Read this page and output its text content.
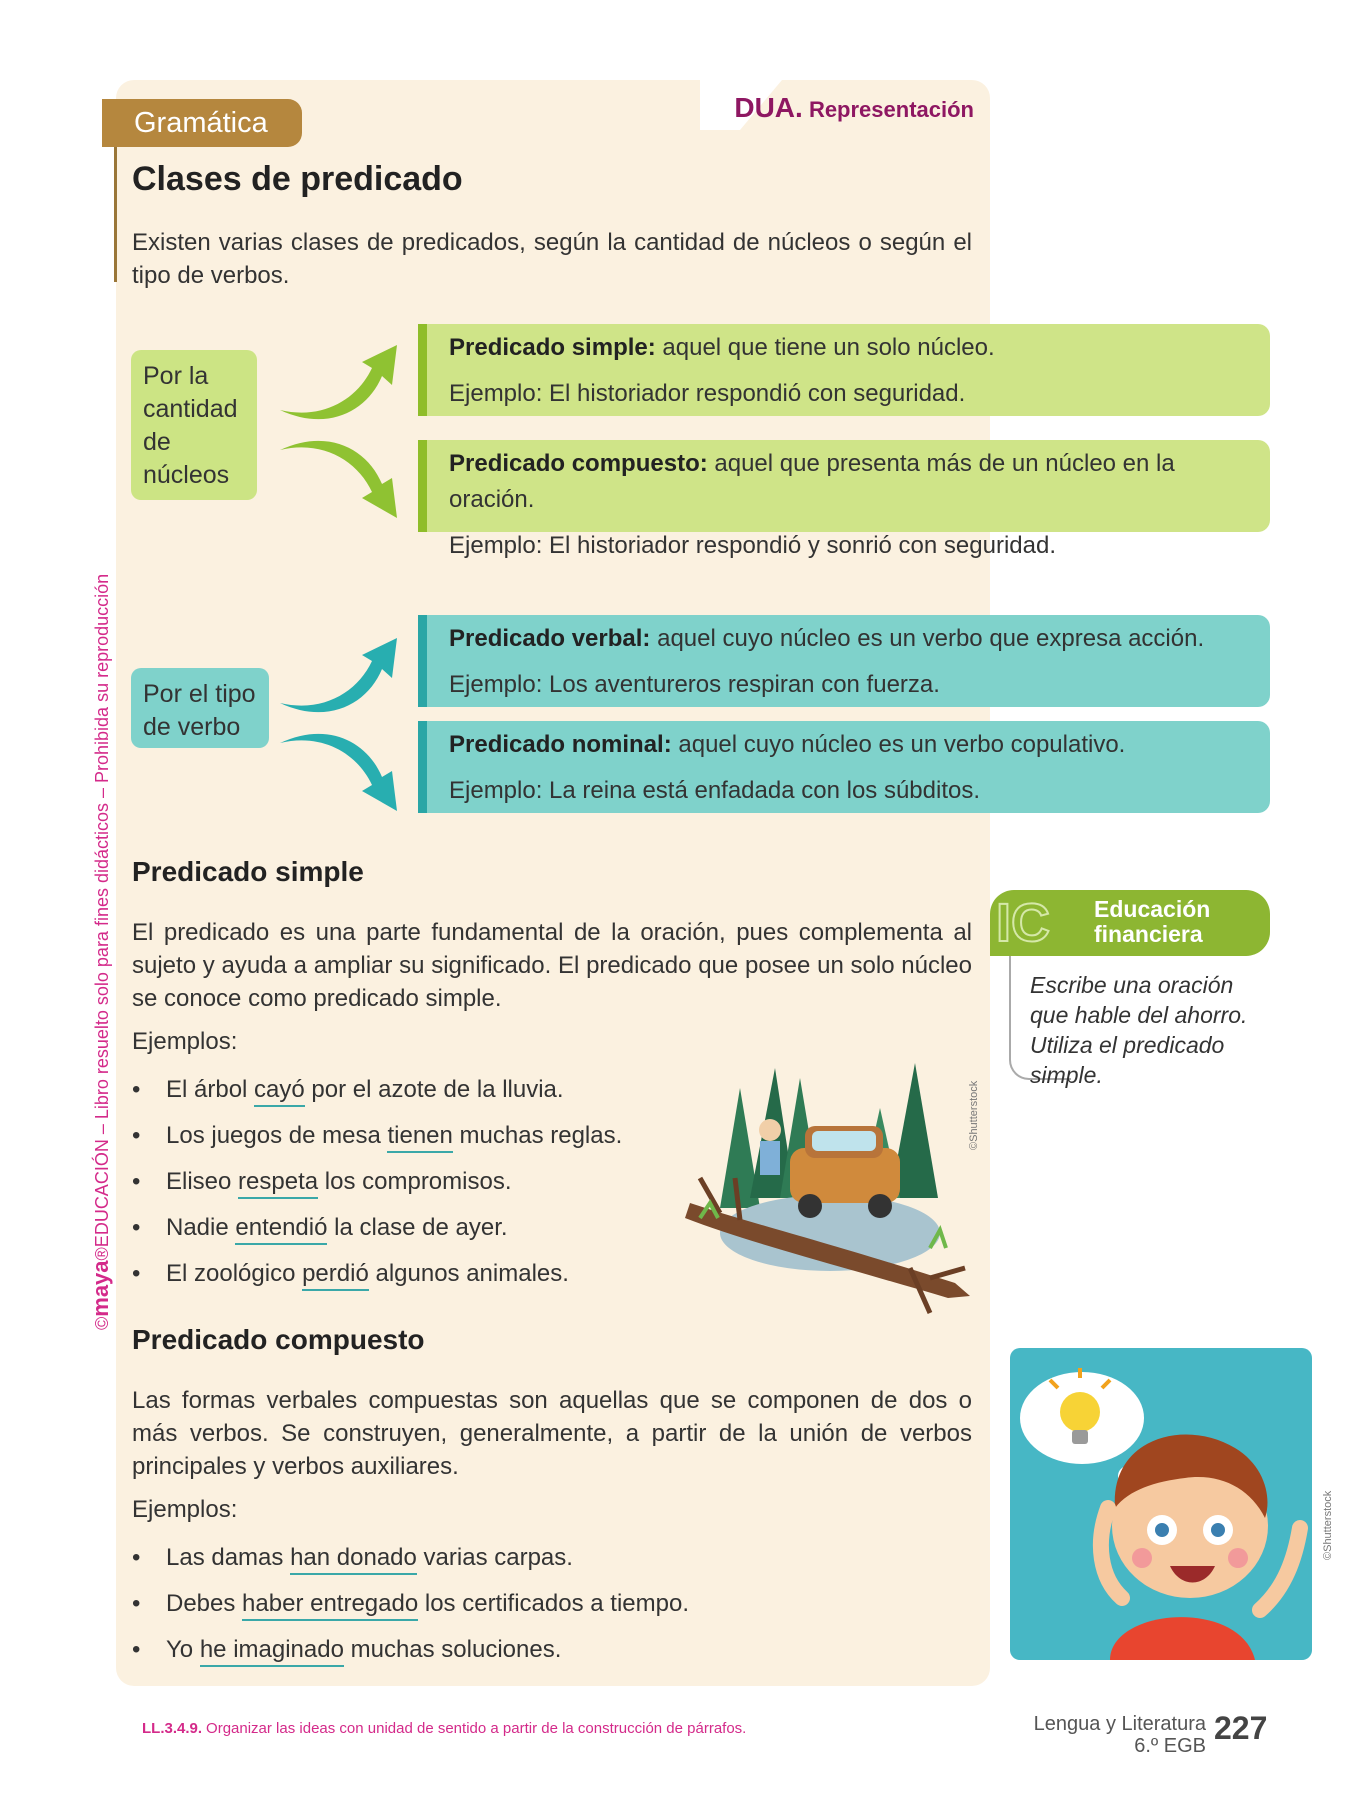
DUA. Representación
Gramática
Clases de predicado

Existen varias clases de predicados, según la cantidad de núcleos o según el tipo de verbos.

Por la cantidad de núcleos
Por el tipo de verbo
Predicado simple: aquel que tiene un solo núcleo.
Ejemplo: El historiador respondió con seguridad.
Predicado compuesto: aquel que presenta más de un núcleo en la oración.
Ejemplo: El historiador respondió y sonrió con seguridad.
Predicado verbal: aquel cuyo núcleo es un verbo que expresa acción.
Ejemplo: Los aventureros respiran con fuerza.
Predicado nominal: aquel cuyo núcleo es un verbo copulativo.
Ejemplo: La reina está enfadada con los súbditos.
Predicado simple

El predicado es una parte fundamental de la oración, pues complementa al sujeto y ayuda a ampliar su significado. El predicado que posee un solo núcleo se conoce como predicado simple.

Ejemplos:
• El árbol cayó por el azote de la lluvia.
• Los juegos de mesa tienen muchas reglas.
• Eliseo respeta los compromisos.
• Nadie entendió la clase de ayer.
• El zoológico perdió algunos animales.
©Shutterstock
Predicado compuesto

Las formas verbales compuestas son aquellas que se componen de dos o más verbos. Se construyen, generalmente, a partir de la unión de verbos principales y verbos auxiliares.

Ejemplos:
• Las damas han donado varias carpas.
• Debes haber entregado los certificados a tiempo.
• Yo he imaginado muchas soluciones.
IC Educación
financiera
Escribe una oración que hable del ahorro. Utiliza el predicado simple.
©Shutterstock
©maya®EDUCACIÓN – Libro resuelto solo para fines didácticos – Prohibida su reproducción
LL.3.4.9. Organizar las ideas con unidad de sentido a partir de la construcción de párrafos.	Lengua y Literatura
6.º EGB 227
